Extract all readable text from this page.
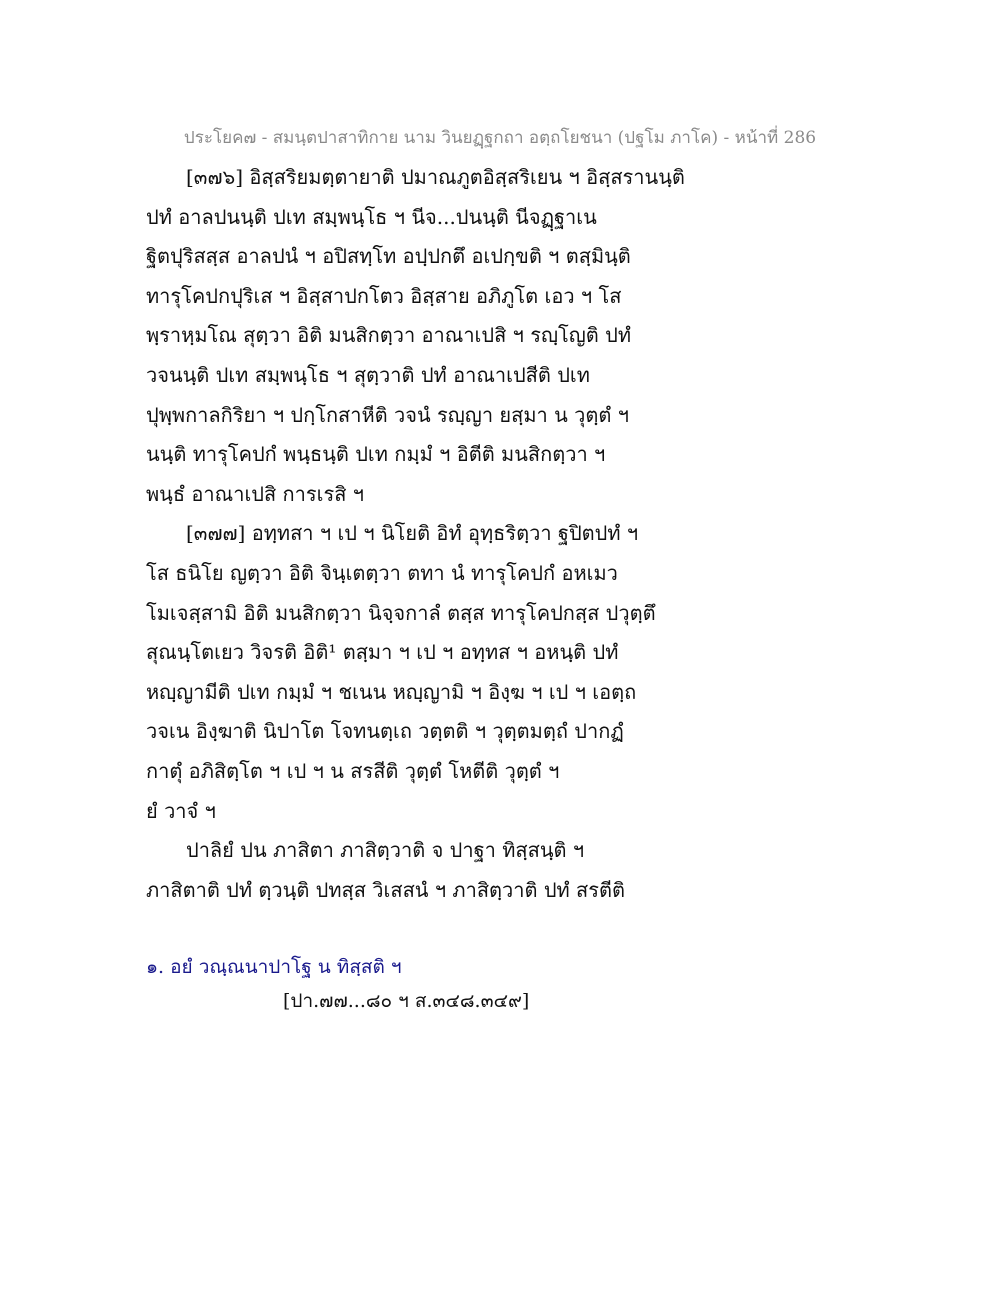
ประโยค๗ - สมนฺตปาสาทิกาย นาม วินยฏฺฐกถา อตฺถโยชนา (ปฐโม ภาโค) - หน้าที่ 286
[๓๗๖] อิสฺสริยมตฺตายาติ ปมาณภูตอิสฺสริเยน ฯ อิสฺสรานนฺติ
ปทํ อาลปนนฺติ ปเท สมฺพนฺโธ ฯ นีจ...ปนนฺติ นีจฏฺฐาเน
ฐิตปุริสสฺส อาลปนํ ฯ อปิสทฺโท อปฺปกตึ อเปกฺขติ ฯ ตสฺมินฺติ
ทารุโคปกปุริเส ฯ อิสฺสาปกโตว อิสฺสาย อภิภูโต เอว ฯ โส
พฺราหฺมโณ สุตฺวา อิติ มนสิกตฺวา อาณาเปสิ ฯ รญฺโญติ ปทํ
วจนนฺติ ปเท สมฺพนฺโธ ฯ สุตฺวาติ ปทํ อาณาเปสีติ ปเท
ปุพฺพกาลกิริยา ฯ ปกฺโกสาหีติ วจนํ รญฺญา ยสฺมา น วุตฺตํ ฯ
นนฺติ ทารุโคปกํ พนฺธนฺติ ปเท กมฺมํ ฯ อิตีติ มนสิกตฺวา ฯ
พนฺธํ อาณาเปสิ การเรสิ ฯ
[๓๗๗] อทฺทสา ฯ เป ฯ นิโยติ อิทํ อุทฺธริตฺวา ฐปิตปทํ ฯ
โส ธนิโย ญตฺวา อิติ จินฺเตตฺวา ตทา นํ ทารุโคปกํ อหเมว
โมเจสฺสามิ อิติ มนสิกตฺวา นิจฺจกาลํ ตสฺส ทารุโคปกสฺส ปวุตฺตึ
สุณนฺโตเยว วิจรติ อิติ¹ ตสฺมา ฯ เป ฯ อทฺทส ฯ อหนฺติ ปทํ
หญฺญามีติ ปเท กมฺมํ ฯ ชเนน หญฺญามิ ฯ อิงฺฆ ฯ เป ฯ เอตฺถ
วจเน อิงฺฆาติ นิปาโต โจทนตฺเถ วตฺตติ ฯ วุตฺตมตฺถํ ปากฏํ
กาตุํ อภิสิตฺโต ฯ เป ฯ น สรสีติ วุตฺตํ โหตีติ วุตฺตํ ฯ
ยํ วาจํ ฯ
ปาลิยํ ปน ภาสิตา ภาสิตฺวาติ จ ปาฐา ทิสฺสนฺติ ฯ
ภาสิตาติ ปทํ ตฺวนฺติ ปทสฺส วิเสสนํ ฯ ภาสิตฺวาติ ปทํ สรตีติ
๑. อยํ วณฺณนาปาโฐ น ทิสฺสติ ฯ
[ปา.๗๗...๘๐ ฯ ส.๓๔๘.๓๔๙]
